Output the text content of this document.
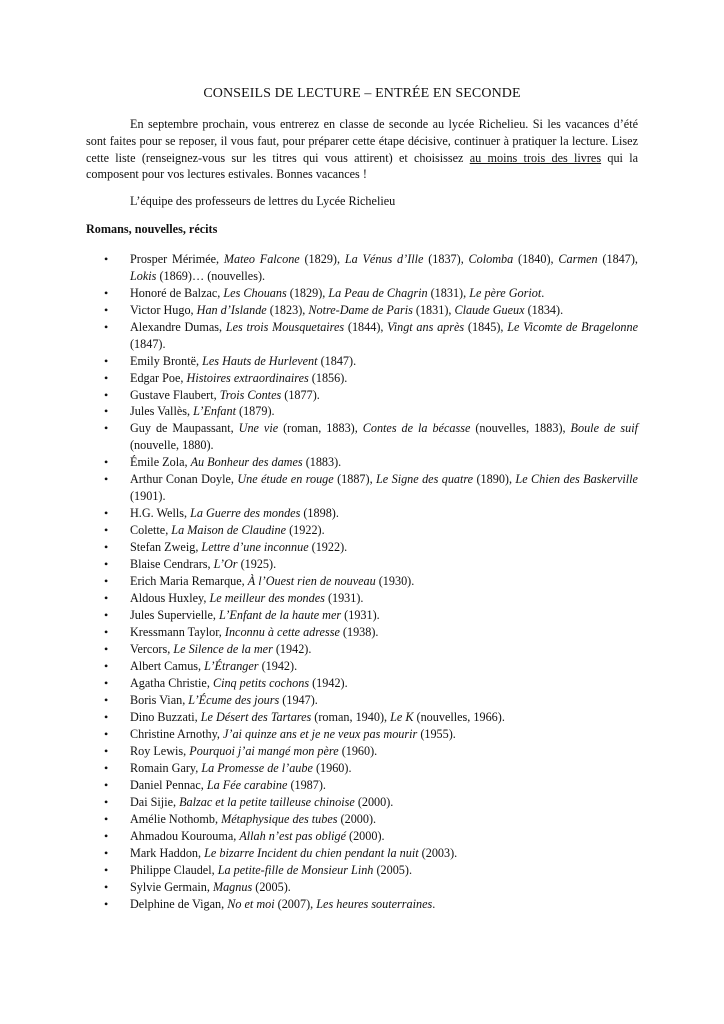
CONSEILS DE LECTURE – ENTRÉE EN SECONDE

En septembre prochain, vous entrerez en classe de seconde au lycée Richelieu. Si les vacances d’été sont faites pour se reposer, il vous faut, pour préparer cette étape décisive, continuer à pratiquer la lecture. Lisez cette liste (renseignez-vous sur les titres qui vous attirent) et choisissez au moins trois des livres qui la composent pour vos lectures estivales. Bonnes vacances !

L’équipe des professeurs de lettres du Lycée Richelieu

Romans, nouvelles, récits

• Prosper Mérimée, Mateo Falcone (1829), La Vénus d’Ille (1837), Colomba (1840), Carmen (1847), Lokis (1869)… (nouvelles).
• Honoré de Balzac, Les Chouans (1829), La Peau de Chagrin (1831), Le père Goriot.
• Victor Hugo, Han d’Islande (1823), Notre-Dame de Paris (1831), Claude Gueux (1834).
• Alexandre Dumas, Les trois Mousquetaires (1844), Vingt ans après (1845), Le Vicomte de Bragelonne (1847).
• Emily Brontë, Les Hauts de Hurlevent (1847).
• Edgar Poe, Histoires extraordinaires (1856).
• Gustave Flaubert, Trois Contes (1877).
• Jules Vallès, L’Enfant (1879).
• Guy de Maupassant, Une vie (roman, 1883), Contes de la bécasse (nouvelles, 1883), Boule de suif (nouvelle, 1880).
• Émile Zola, Au Bonheur des dames (1883).
• Arthur Conan Doyle, Une étude en rouge (1887), Le Signe des quatre (1890), Le Chien des Baskerville (1901).
• H.G. Wells, La Guerre des mondes (1898).
• Colette, La Maison de Claudine (1922).
• Stefan Zweig, Lettre d’une inconnue (1922).
• Blaise Cendrars, L’Or (1925).
• Erich Maria Remarque, À l’Ouest rien de nouveau (1930).
• Aldous Huxley, Le meilleur des mondes (1931).
• Jules Supervielle, L’Enfant de la haute mer (1931).
• Kressmann Taylor, Inconnu à cette adresse (1938).
• Vercors, Le Silence de la mer (1942).
• Albert Camus, L’Étranger (1942).
• Agatha Christie, Cinq petits cochons (1942).
• Boris Vian, L’Écume des jours (1947).
• Dino Buzzati, Le Désert des Tartares (roman, 1940), Le K (nouvelles, 1966).
• Christine Arnothy, J’ai quinze ans et je ne veux pas mourir (1955).
• Roy Lewis, Pourquoi j’ai mangé mon père (1960).
• Romain Gary, La Promesse de l’aube (1960).
• Daniel Pennac, La Fée carabine (1987).
• Dai Sijie, Balzac et la petite tailleuse chinoise (2000).
• Amélie Nothomb, Métaphysique des tubes (2000).
• Ahmadou Kourouma, Allah n’est pas obligé (2000).
• Mark Haddon, Le bizarre Incident du chien pendant la nuit (2003).
• Philippe Claudel, La petite-fille de Monsieur Linh (2005).
• Sylvie Germain, Magnus (2005).
• Delphine de Vigan, No et moi (2007), Les heures souterraines.
